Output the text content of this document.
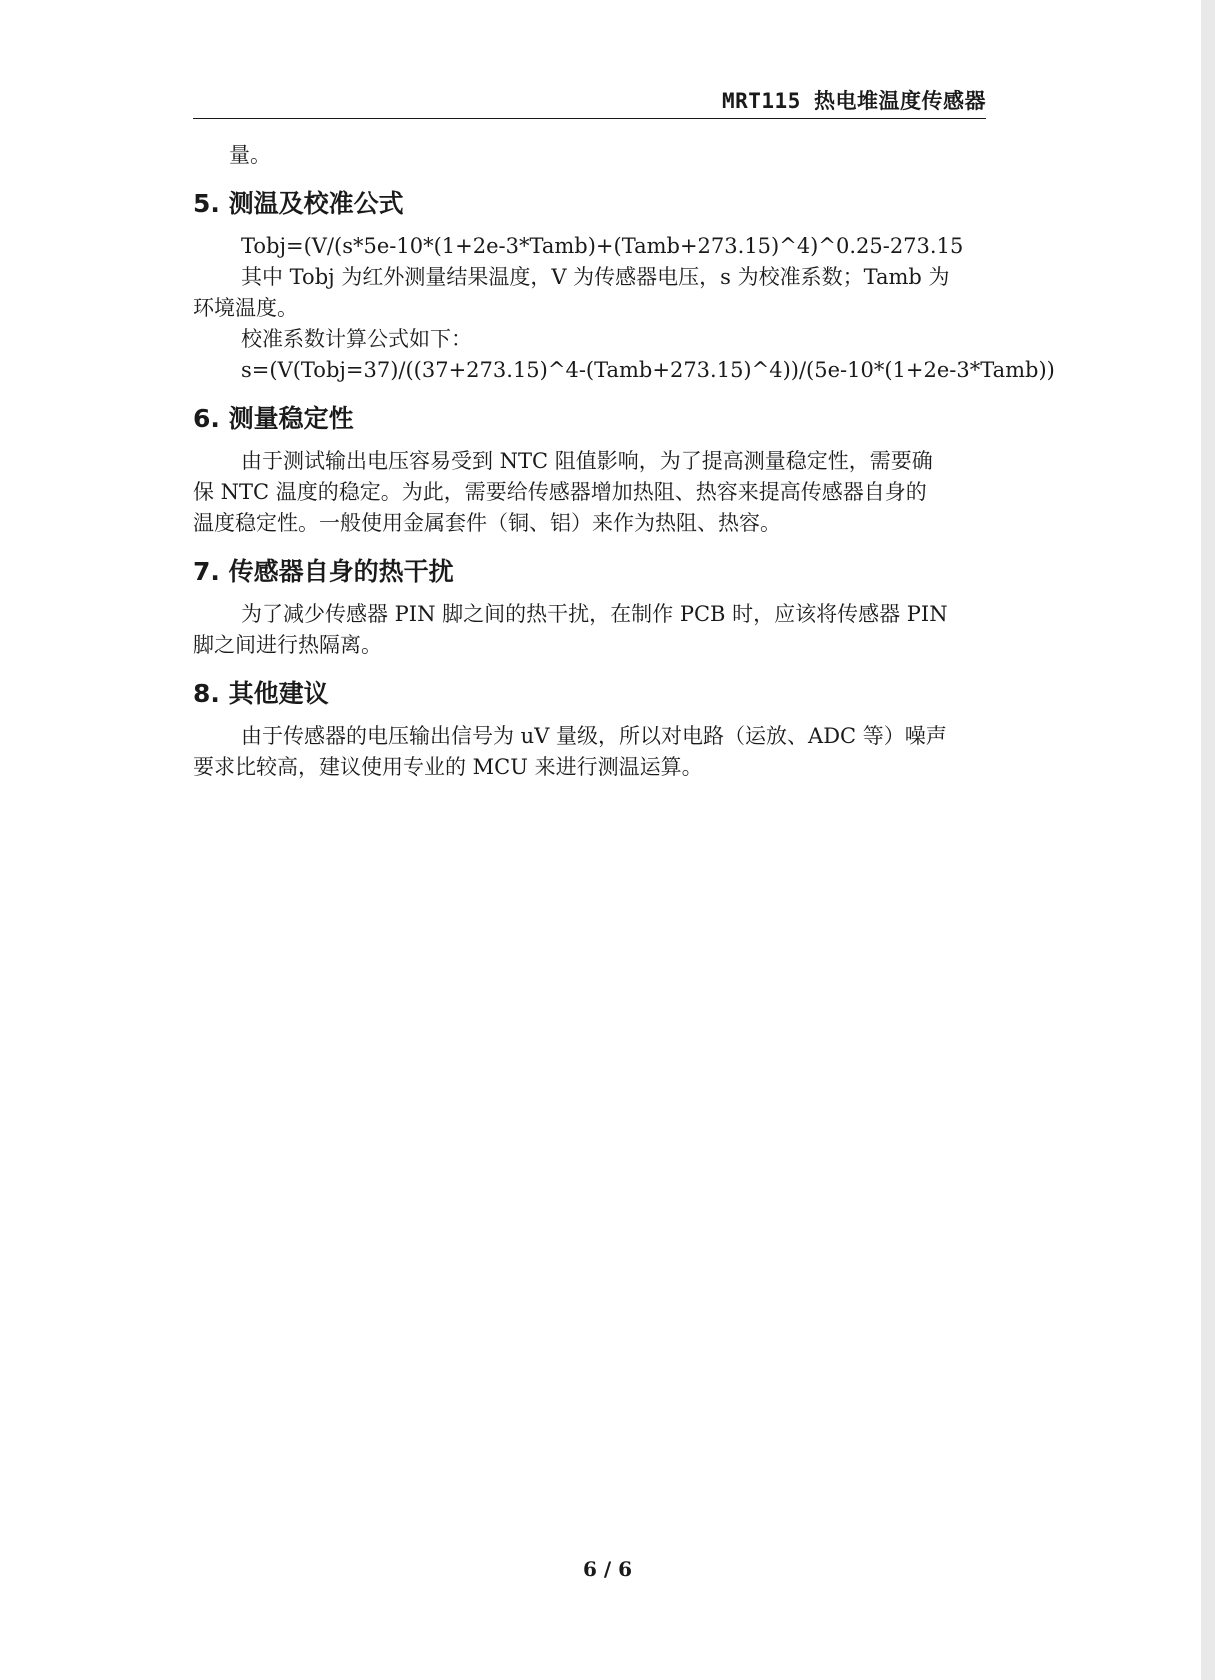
MRT115 热电堆温度传感器
量。
5. 测温及校准公式
Tobj=(V/(s*5e-10*(1+2e-3*Tamb)+(Tamb+273.15)^4)^0.25-273.15
其中 Tobj 为红外测量结果温度，V 为传感器电压，s 为校准系数；Tamb 为
环境温度。
校准系数计算公式如下：
s=(V(Tobj=37)/((37+273.15)^4-(Tamb+273.15)^4))/(5e-10*(1+2e-3*Tamb))
6. 测量稳定性
由于测试输出电压容易受到 NTC 阻值影响，为了提高测量稳定性，需要确
保 NTC 温度的稳定。为此，需要给传感器增加热阻、热容来提高传感器自身的
温度稳定性。一般使用金属套件（铜、铝）来作为热阻、热容。
7. 传感器自身的热干扰
为了减少传感器 PIN 脚之间的热干扰，在制作 PCB 时，应该将传感器 PIN
脚之间进行热隔离。
8. 其他建议
由于传感器的电压输出信号为 uV 量级，所以对电路（运放、ADC 等）噪声
要求比较高，建议使用专业的 MCU 来进行测温运算。
6 / 6
